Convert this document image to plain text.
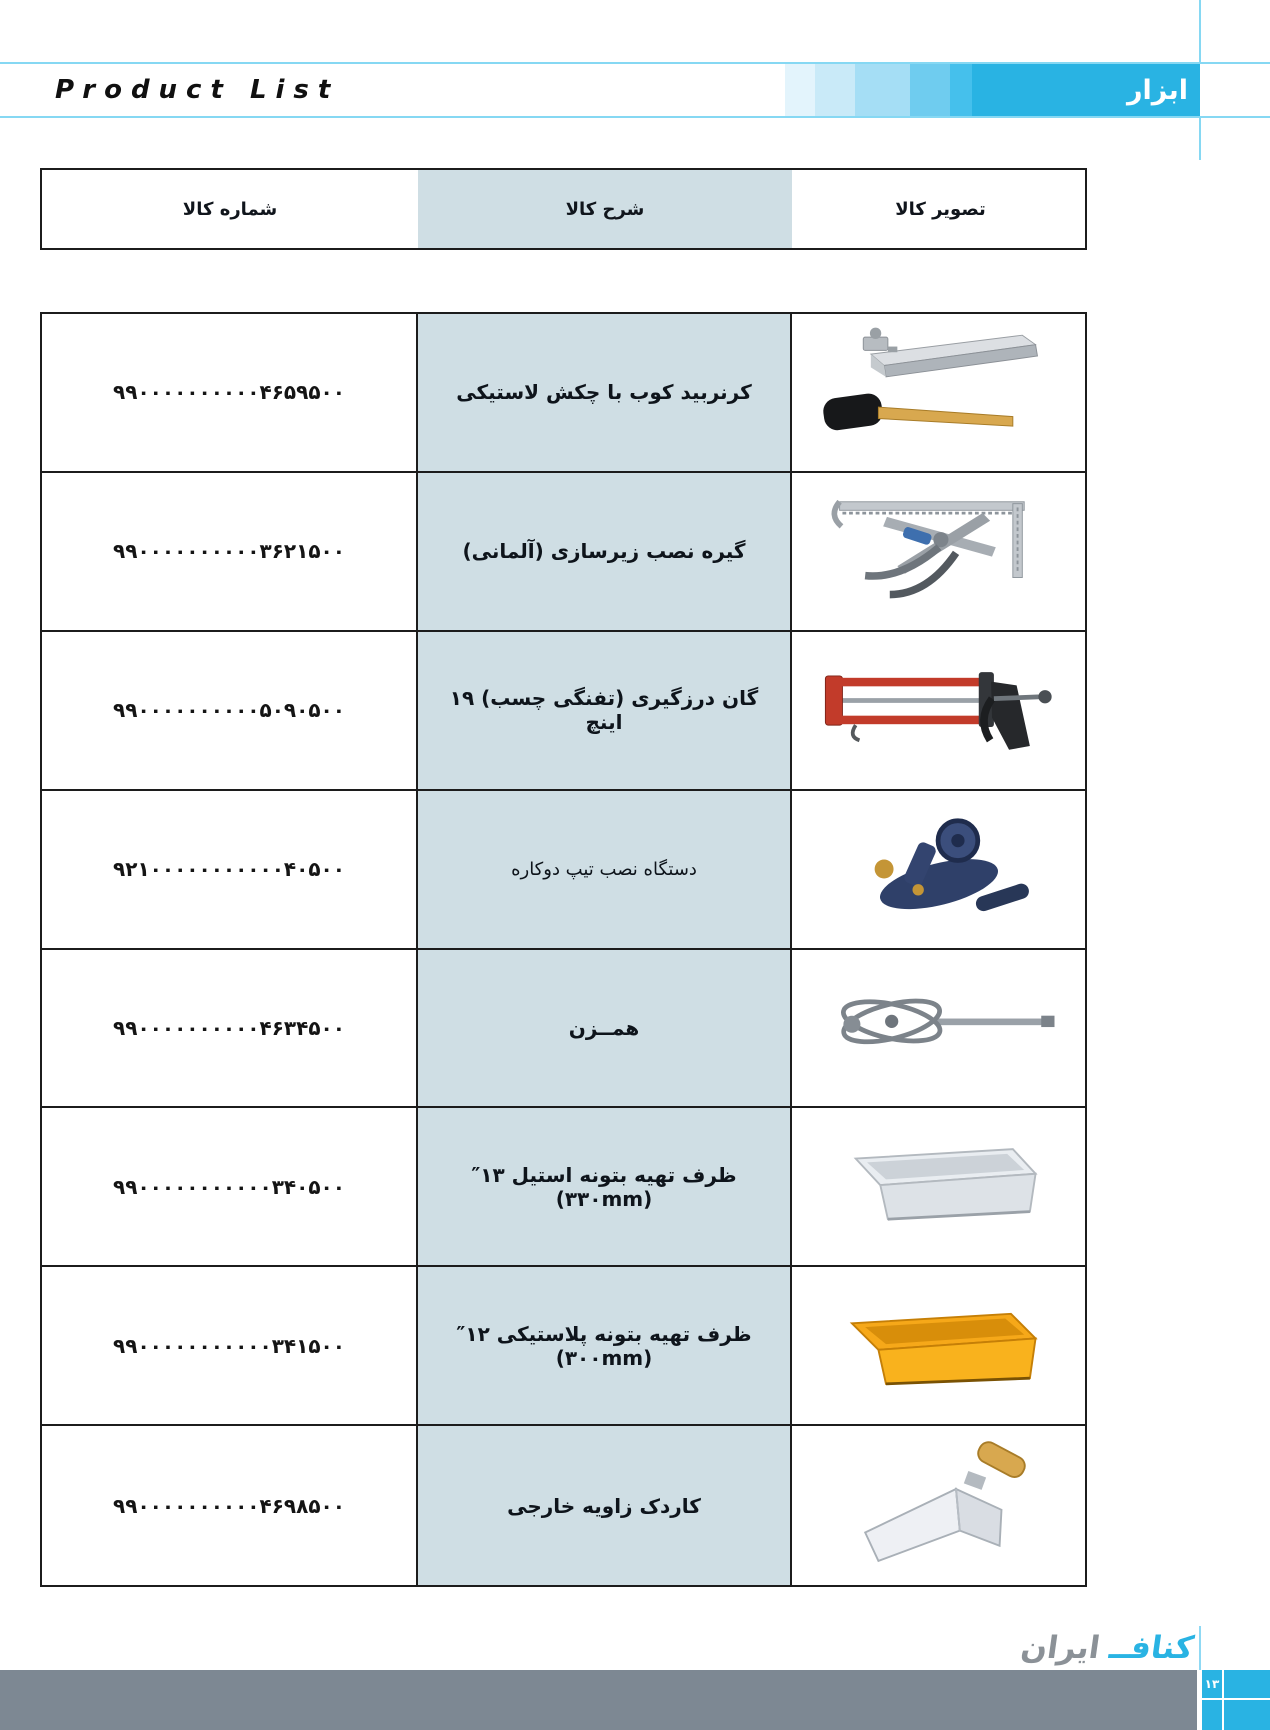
Product List	ابزار
شماره کالا	شرح کالا	تصویر کالا
۹۹۰۰۰۰۰۰۰۰۰۰۴۶۵۹۵۰۰	کرنربید کوب با چکش لاستیکی
۹۹۰۰۰۰۰۰۰۰۰۰۳۶۲۱۵۰۰	گیره نصب زیرسازی (آلمانی)
۹۹۰۰۰۰۰۰۰۰۰۰۵۰۹۰۵۰۰	گان درزگیری (تفنگی چسب) ۱۹ اینچ
۹۲۱۰۰۰۰۰۰۰۰۰۰۰۴۰۵۰۰	دستگاه نصب تیپ دوکاره
۹۹۰۰۰۰۰۰۰۰۰۰۴۶۳۴۵۰۰	همــزن
۹۹۰۰۰۰۰۰۰۰۰۰۰۳۴۰۵۰۰	ظرف تهیه بتونه استیل ۱۳″ (۳۳۰mm)
۹۹۰۰۰۰۰۰۰۰۰۰۰۳۴۱۵۰۰	ظرف تهیه بتونه پلاستیکی ۱۲″ (۳۰۰mm)
۹۹۰۰۰۰۰۰۰۰۰۰۴۶۹۸۵۰۰	کاردک زاویه خارجی
کنافــ
ایران
۱۳
